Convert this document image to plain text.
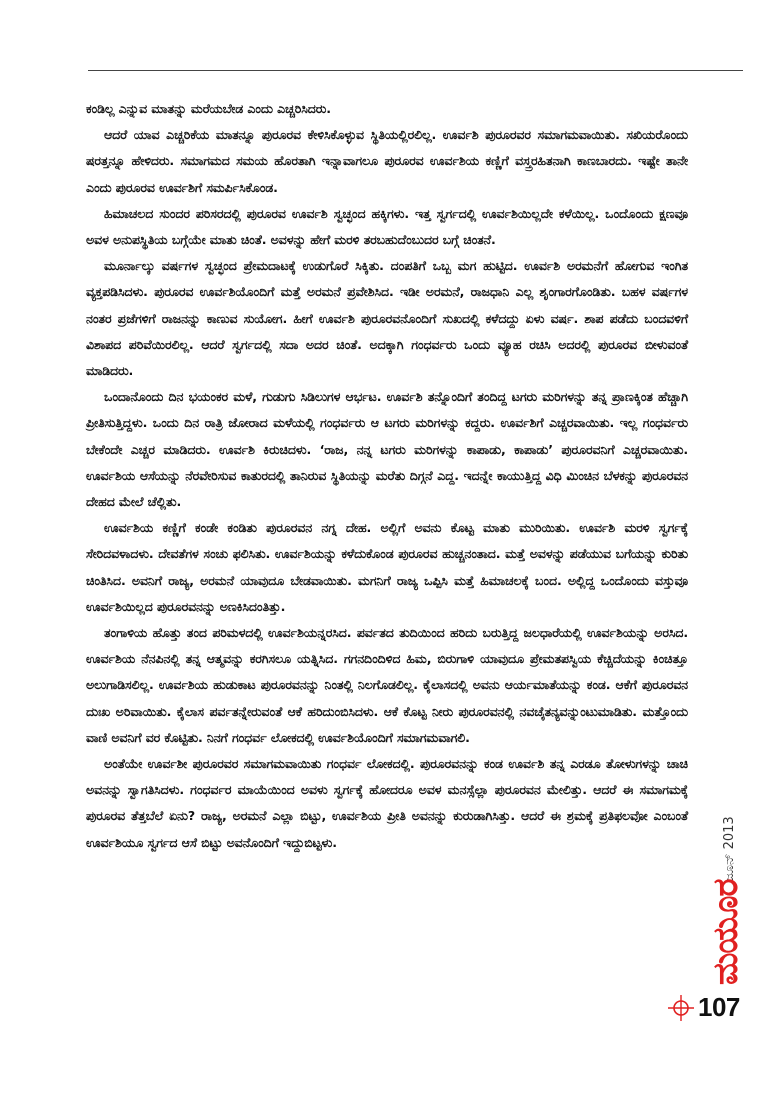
ಕಂಡಿಲ್ಲ ಎನ್ನುವ ಮಾತನ್ನು ಮರೆಯಬೇಡ ಎಂದು ಎಚ್ಚರಿಸಿದರು.

ಆದರೆ ಯಾವ ಎಚ್ಚರಿಕೆಯ ಮಾತನ್ನೂ ಪುರೂರವ ಕೇಳಿಸಿಕೊಳ್ಳುವ ಸ್ಥಿತಿಯಲ್ಲಿರಲಿಲ್ಲ. ಊರ್ವಶಿ ಪುರೂರವರ ಸಮಾಗಮವಾಯಿತು. ಸಖಿಯರೊಂದು ಷರತ್ತನ್ನೂ ಹೇಳಿದರು. ಸಮಾಗಮದ ಸಮಯ ಹೊರತಾಗಿ ಇನ್ನಾವಾಗಲೂ ಪುರೂರವ ಊರ್ವಶಿಯ ಕಣ್ಣಿಗೆ ವಸ್ತ್ರರಹಿತನಾಗಿ ಕಾಣಬಾರದು. ಇಷ್ಟೇ ತಾನೇ ಎಂದು ಪುರೂರವ ಊರ್ವಶಿಗೆ ಸಮರ್ಪಿಸಿಕೊಂಡ.

ಹಿಮಾಚಲದ ಸುಂದರ ಪರಿಸರದಲ್ಲಿ ಪುರೂರವ ಊರ್ವಶಿ ಸ್ವಚ್ಛಂದ ಹಕ್ಕಿಗಳು. ಇತ್ತ ಸ್ವರ್ಗದಲ್ಲಿ ಊರ್ವಶಿಯಿಲ್ಲದೇ ಕಳೆಯಿಲ್ಲ. ಒಂದೊಂದು ಕ್ಷಣವೂ ಅವಳ ಅನುಪಸ್ಥಿತಿಯ ಬಗ್ಗೆಯೇ ಮಾತು ಚಿಂತೆ. ಅವಳನ್ನು ಹೇಗೆ ಮರಳಿ ತರಬಹುದೆಂಬುದರ ಬಗ್ಗೆ ಚಿಂತನೆ.

ಮೂರ್ನಾಲ್ಕು ವರ್ಷಗಳ ಸ್ವಚ್ಛಂದ ಪ್ರೇಮದಾಟಕ್ಕೆ ಉಡುಗೊರೆ ಸಿಕ್ಕಿತು. ದಂಪತಿಗೆ ಒಬ್ಬ ಮಗ ಹುಟ್ಟಿದ. ಊರ್ವಶಿ ಅರಮನೆಗೆ ಹೋಗುವ ಇಂಗಿತ ವ್ಯಕ್ತಪಡಿಸಿದಳು. ಪುರೂರವ ಊರ್ವಶಿಯೊಂದಿಗೆ ಮತ್ತೆ ಅರಮನೆ ಪ್ರವೇಶಿಸಿದ. ಇಡೀ ಅರಮನೆ, ರಾಜಧಾನಿ ಎಲ್ಲ ಶೃಂಗಾರಗೊಂಡಿತು. ಬಹಳ ವರ್ಷಗಳ ನಂತರ ಪ್ರಜೆಗಳಿಗೆ ರಾಜನನ್ನು ಕಾಣುವ ಸುಯೋಗ. ಹೀಗೆ ಊರ್ವಶಿ ಪುರೂರವನೊಂದಿಗೆ ಸುಖದಲ್ಲಿ ಕಳೆದದ್ದು ಏಳು ವರ್ಷ. ಶಾಪ ಪಡೆದು ಬಂದವಳಿಗೆ ವಿಶಾಪದ ಪರಿವೆಯಿರಲಿಲ್ಲ. ಆದರೆ ಸ್ವರ್ಗದಲ್ಲಿ ಸದಾ ಅದರ ಚಿಂತೆ. ಅದಕ್ಕಾಗಿ ಗಂಧರ್ವರು ಒಂದು ವ್ಯೂಹ ರಚಿಸಿ ಅದರಲ್ಲಿ ಪುರೂರವ ಬೀಳುವಂತೆ ಮಾಡಿದರು.

ಒಂದಾನೊಂದು ದಿನ ಭಯಂಕರ ಮಳೆ, ಗುಡುಗು ಸಿಡಿಲುಗಳ ಆರ್ಭಟ. ಊರ್ವಶಿ ತನ್ನೊಂದಿಗೆ ತಂದಿದ್ದ ಟಗರು ಮರಿಗಳನ್ನು ತನ್ನ ಪ್ರಾಣಕ್ಕಿಂತ ಹೆಚ್ಚಾಗಿ ಪ್ರೀತಿಸುತ್ತಿದ್ದಳು. ಒಂದು ದಿನ ರಾತ್ರಿ ಜೋರಾದ ಮಳೆಯಲ್ಲಿ ಗಂಧರ್ವರು ಆ ಟಗರು ಮರಿಗಳನ್ನು ಕದ್ದರು. ಊರ್ವಶಿಗೆ ಎಚ್ಚರವಾಯಿತು. ಇಲ್ಲ ಗಂಧರ್ವರು ಬೇಕೆಂದೇ ಎಚ್ಚರ ಮಾಡಿದರು. ಊರ್ವಶಿ ಕಿರುಚಿದಳು. ‘ರಾಜ, ನನ್ನ ಟಗರು ಮರಿಗಳನ್ನು ಕಾಪಾಡು, ಕಾಪಾಡು’ ಪುರೂರವನಿಗೆ ಎಚ್ಚರವಾಯಿತು. ಊರ್ವಶಿಯ ಆಸೆಯನ್ನು ನೆರವೇರಿಸುವ ಕಾತುರದಲ್ಲಿ ತಾನಿರುವ ಸ್ಥಿತಿಯನ್ನು ಮರೆತು ದಿಗ್ಗನೆ ಎದ್ದ. ಇದನ್ನೇ ಕಾಯುತ್ತಿದ್ದ ವಿಧಿ ಮಿಂಚಿನ ಬೆಳಕನ್ನು ಪುರೂರವನ ದೇಹದ ಮೇಲೆ ಚೆಲ್ಲಿತು.

ಊರ್ವಶಿಯ ಕಣ್ಣಿಗೆ ಕಂಡೇ ಕಂಡಿತು ಪುರೂರವನ ನಗ್ನ ದೇಹ. ಅಲ್ಲಿಗೆ ಅವನು ಕೊಟ್ಟ ಮಾತು ಮುರಿಯಿತು. ಊರ್ವಶಿ ಮರಳಿ ಸ್ವರ್ಗಕ್ಕೆ ಸೇರಿದವಳಾದಳು. ದೇವತೆಗಳ ಸಂಚು ಫಲಿಸಿತು. ಊರ್ವಶಿಯನ್ನು ಕಳೆದುಕೊಂಡ ಪುರೂರವ ಹುಚ್ಚನಂತಾದ. ಮತ್ತೆ ಅವಳನ್ನು ಪಡೆಯುವ ಬಗೆಯನ್ನು ಕುರಿತು ಚಿಂತಿಸಿದ. ಅವನಿಗೆ ರಾಜ್ಯ, ಅರಮನೆ ಯಾವುದೂ ಬೇಡವಾಯಿತು. ಮಗನಿಗೆ ರಾಜ್ಯ ಒಪ್ಪಿಸಿ ಮತ್ತೆ ಹಿಮಾಚಲಕ್ಕೆ ಬಂದ. ಅಲ್ಲಿದ್ದ ಒಂದೊಂದು ವಸ್ತುವೂ ಊರ್ವಶಿಯಿಲ್ಲದ ಪುರೂರವನನ್ನು ಅಣಕಿಸಿದಂತಿತ್ತು.

ತಂಗಾಳಿಯ ಹೊತ್ತು ತಂದ ಪರಿಮಳದಲ್ಲಿ ಊರ್ವಶಿಯನ್ನರಸಿದ. ಪರ್ವತದ ತುದಿಯಿಂದ ಹರಿದು ಬರುತ್ತಿದ್ದ ಜಲಧಾರೆಯಲ್ಲಿ ಊರ್ವಶಿಯನ್ನು ಅರಸಿದ. ಊರ್ವಶಿಯ ನೆನಪಿನಲ್ಲಿ ತನ್ನ ಆತ್ಮವನ್ನು ಕರಗಿಸಲೂ ಯತ್ನಿಸಿದ. ಗಗನದಿಂದಿಳಿದ ಹಿಮ, ಬಿರುಗಾಳಿ ಯಾವುದೂ ಪ್ರೇಮತಪಸ್ವಿಯ ಕೆಚ್ಚಿದೆಯನ್ನು ಕಿಂಚಿತ್ತೂ ಅಲುಗಾಡಿಸಲಿಲ್ಲ. ಊರ್ವಶಿಯ ಹುಡುಕಾಟ ಪುರೂರವನನ್ನು ನಿಂತಲ್ಲಿ ನಿಲಗೊಡಲಿಲ್ಲ. ಕೈಲಾಸದಲ್ಲಿ ಅವನು ಆರ್ಯಮಾತೆಯನ್ನು ಕಂಡ. ಆಕೆಗೆ ಪುರೂರವನ ದುಃಖ ಅರಿವಾಯಿತು. ಕೈಲಾಸ ಪರ್ವತನ್ನೇರುವಂತೆ ಆಕೆ ಹರಿದುಂಬಿಸಿದಳು. ಆಕೆ ಕೊಟ್ಟ ನೀರು ಪುರೂರವನಲ್ಲಿ ನವಚೈತನ್ಯವನ್ನುಂಟುಮಾಡಿತು. ಮತ್ತೊಂದು ವಾಣಿ ಅವನಿಗೆ ವರ ಕೊಟ್ಟಿತು. ನಿನಗೆ ಗಂಧರ್ವ ಲೋಕದಲ್ಲಿ ಊರ್ವಶಿಯೊಂದಿಗೆ ಸಮಾಗಮವಾಗಲಿ.

ಅಂತೆಯೇ ಊರ್ವಶೀ ಪುರೂರವರ ಸಮಾಗಮವಾಯಿತು ಗಂಧರ್ವ ಲೋಕದಲ್ಲಿ. ಪುರೂರವನನ್ನು ಕಂಡ ಊರ್ವಶಿ ತನ್ನ ಎರಡೂ ತೋಳುಗಳನ್ನು ಚಾಚಿ ಅವನನ್ನು ಸ್ವಾಗತಿಸಿದಳು. ಗಂಧರ್ವರ ಮಾಯೆಯಿಂದ ಅವಳು ಸ್ವರ್ಗಕ್ಕೆ ಹೋದರೂ ಅವಳ ಮನಸ್ಸೆಲ್ಲಾ ಪುರೂರವನ ಮೇಲಿತ್ತು. ಆದರೆ ಈ ಸಮಾಗಮಕ್ಕೆ ಪುರೂರವ ತೆತ್ತಬೆಲೆ ಏನು? ರಾಜ್ಯ, ಅರಮನೆ ಎಲ್ಲಾ ಬಿಟ್ಟು, ಊರ್ವಶಿಯ ಪ್ರೀತಿ ಅವನನ್ನು ಕುರುಡಾಗಿಸಿತ್ತು. ಆದರೆ ಈ ಶ್ರಮಕ್ಕೆ ಪ್ರತಿಫಲವೋ ಎಂಬಂತೆ ಊರ್ವಶಿಯೂ ಸ್ವರ್ಗದ ಆಸೆ ಬಿಟ್ಟು ಅವನೊಂದಿಗೆ ಇದ್ದುಬಿಟ್ಟಳು.	ಜೂನ್ 2013
ಮಯೂರ
107
